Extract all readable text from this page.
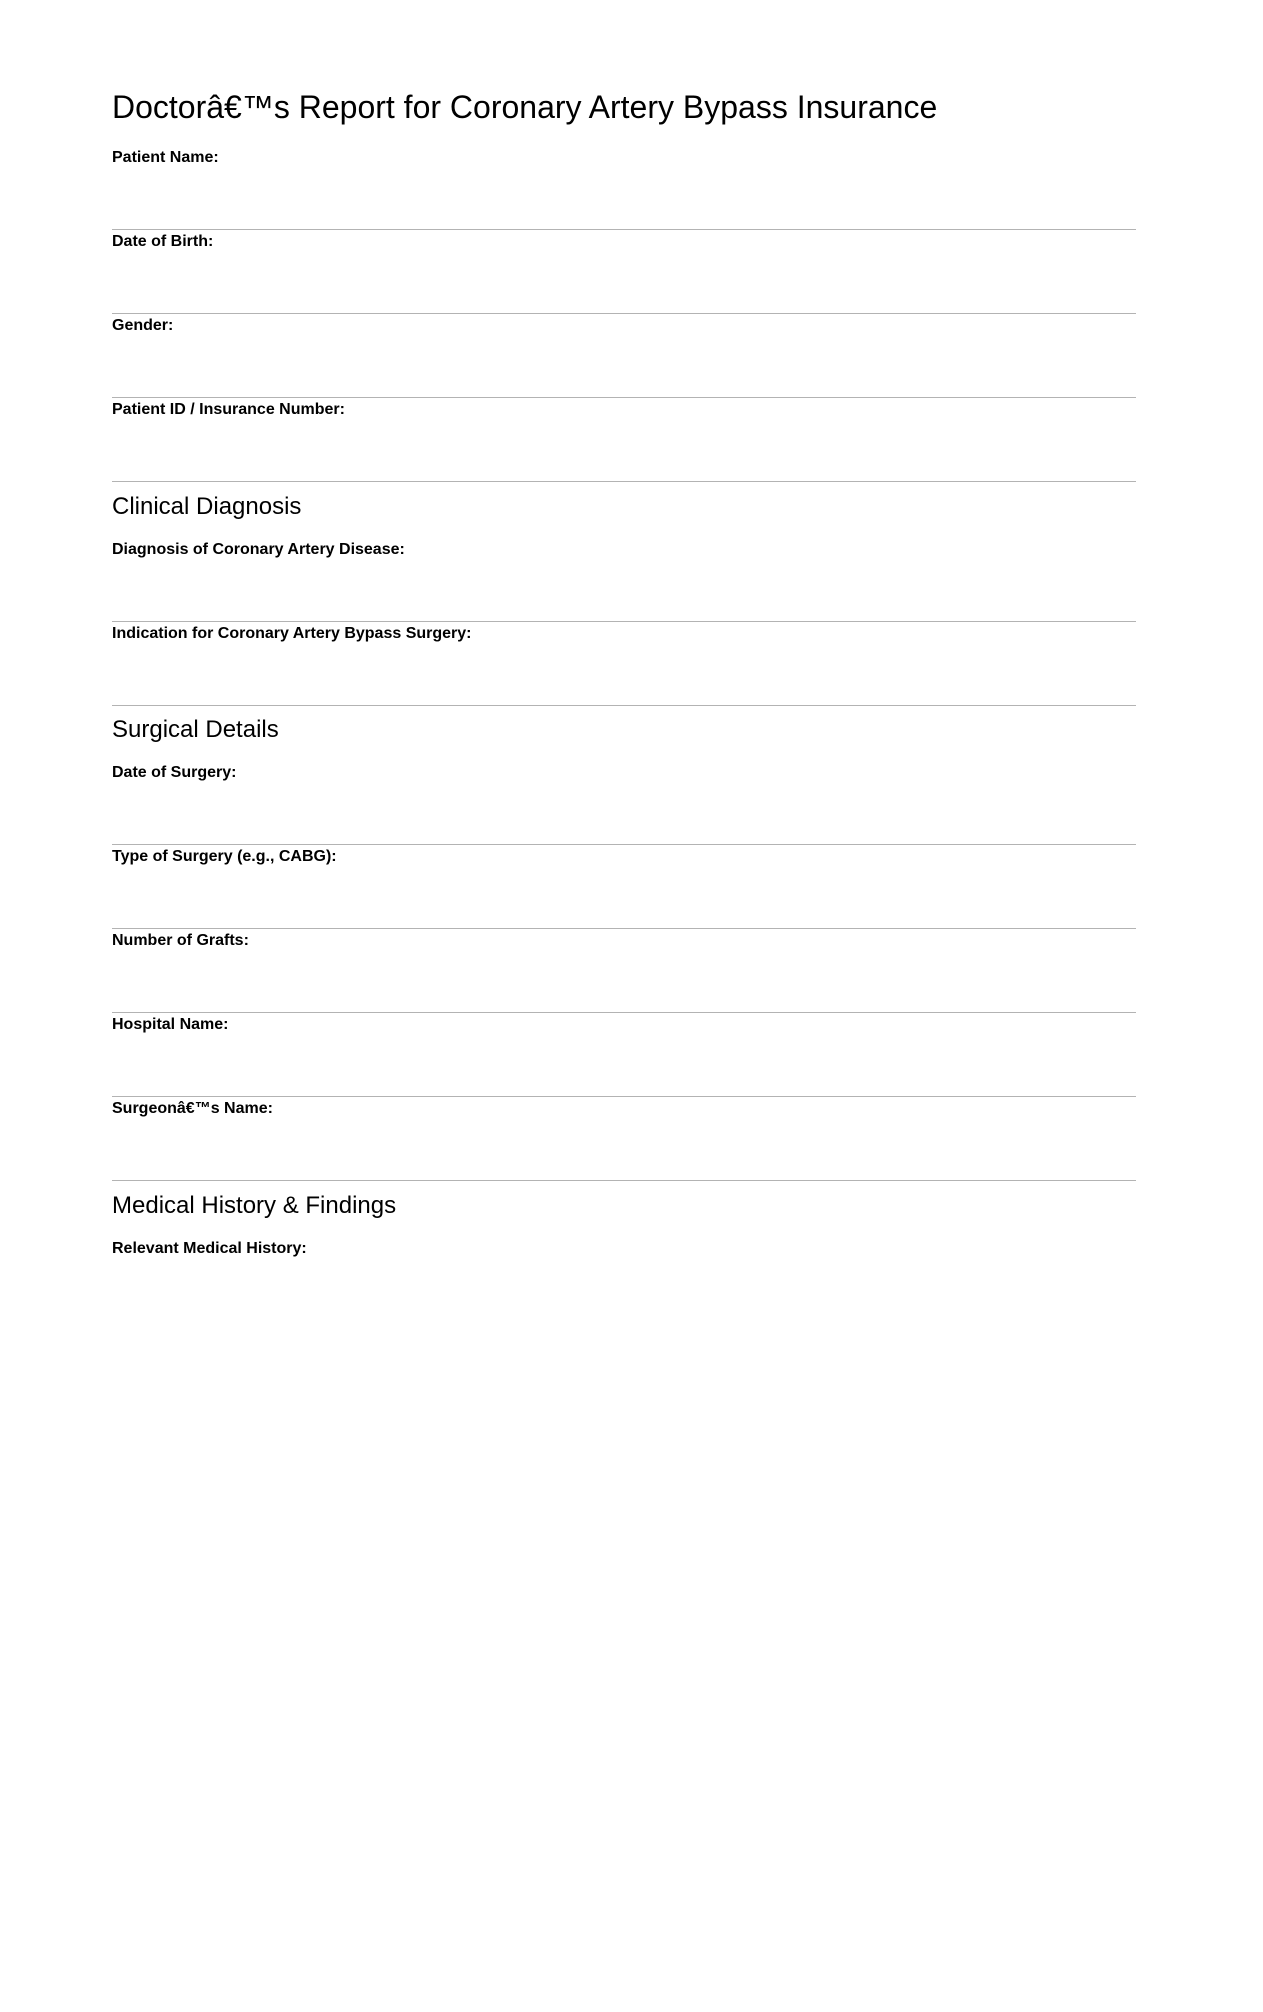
Doctorâ€™s Report for Coronary Artery Bypass Insurance
Patient Name:
Date of Birth:
Gender:
Patient ID / Insurance Number:
Clinical Diagnosis
Diagnosis of Coronary Artery Disease:
Indication for Coronary Artery Bypass Surgery:
Surgical Details
Date of Surgery:
Type of Surgery (e.g., CABG):
Number of Grafts:
Hospital Name:
Surgeonâ€™s Name:
Medical History & Findings
Relevant Medical History:
